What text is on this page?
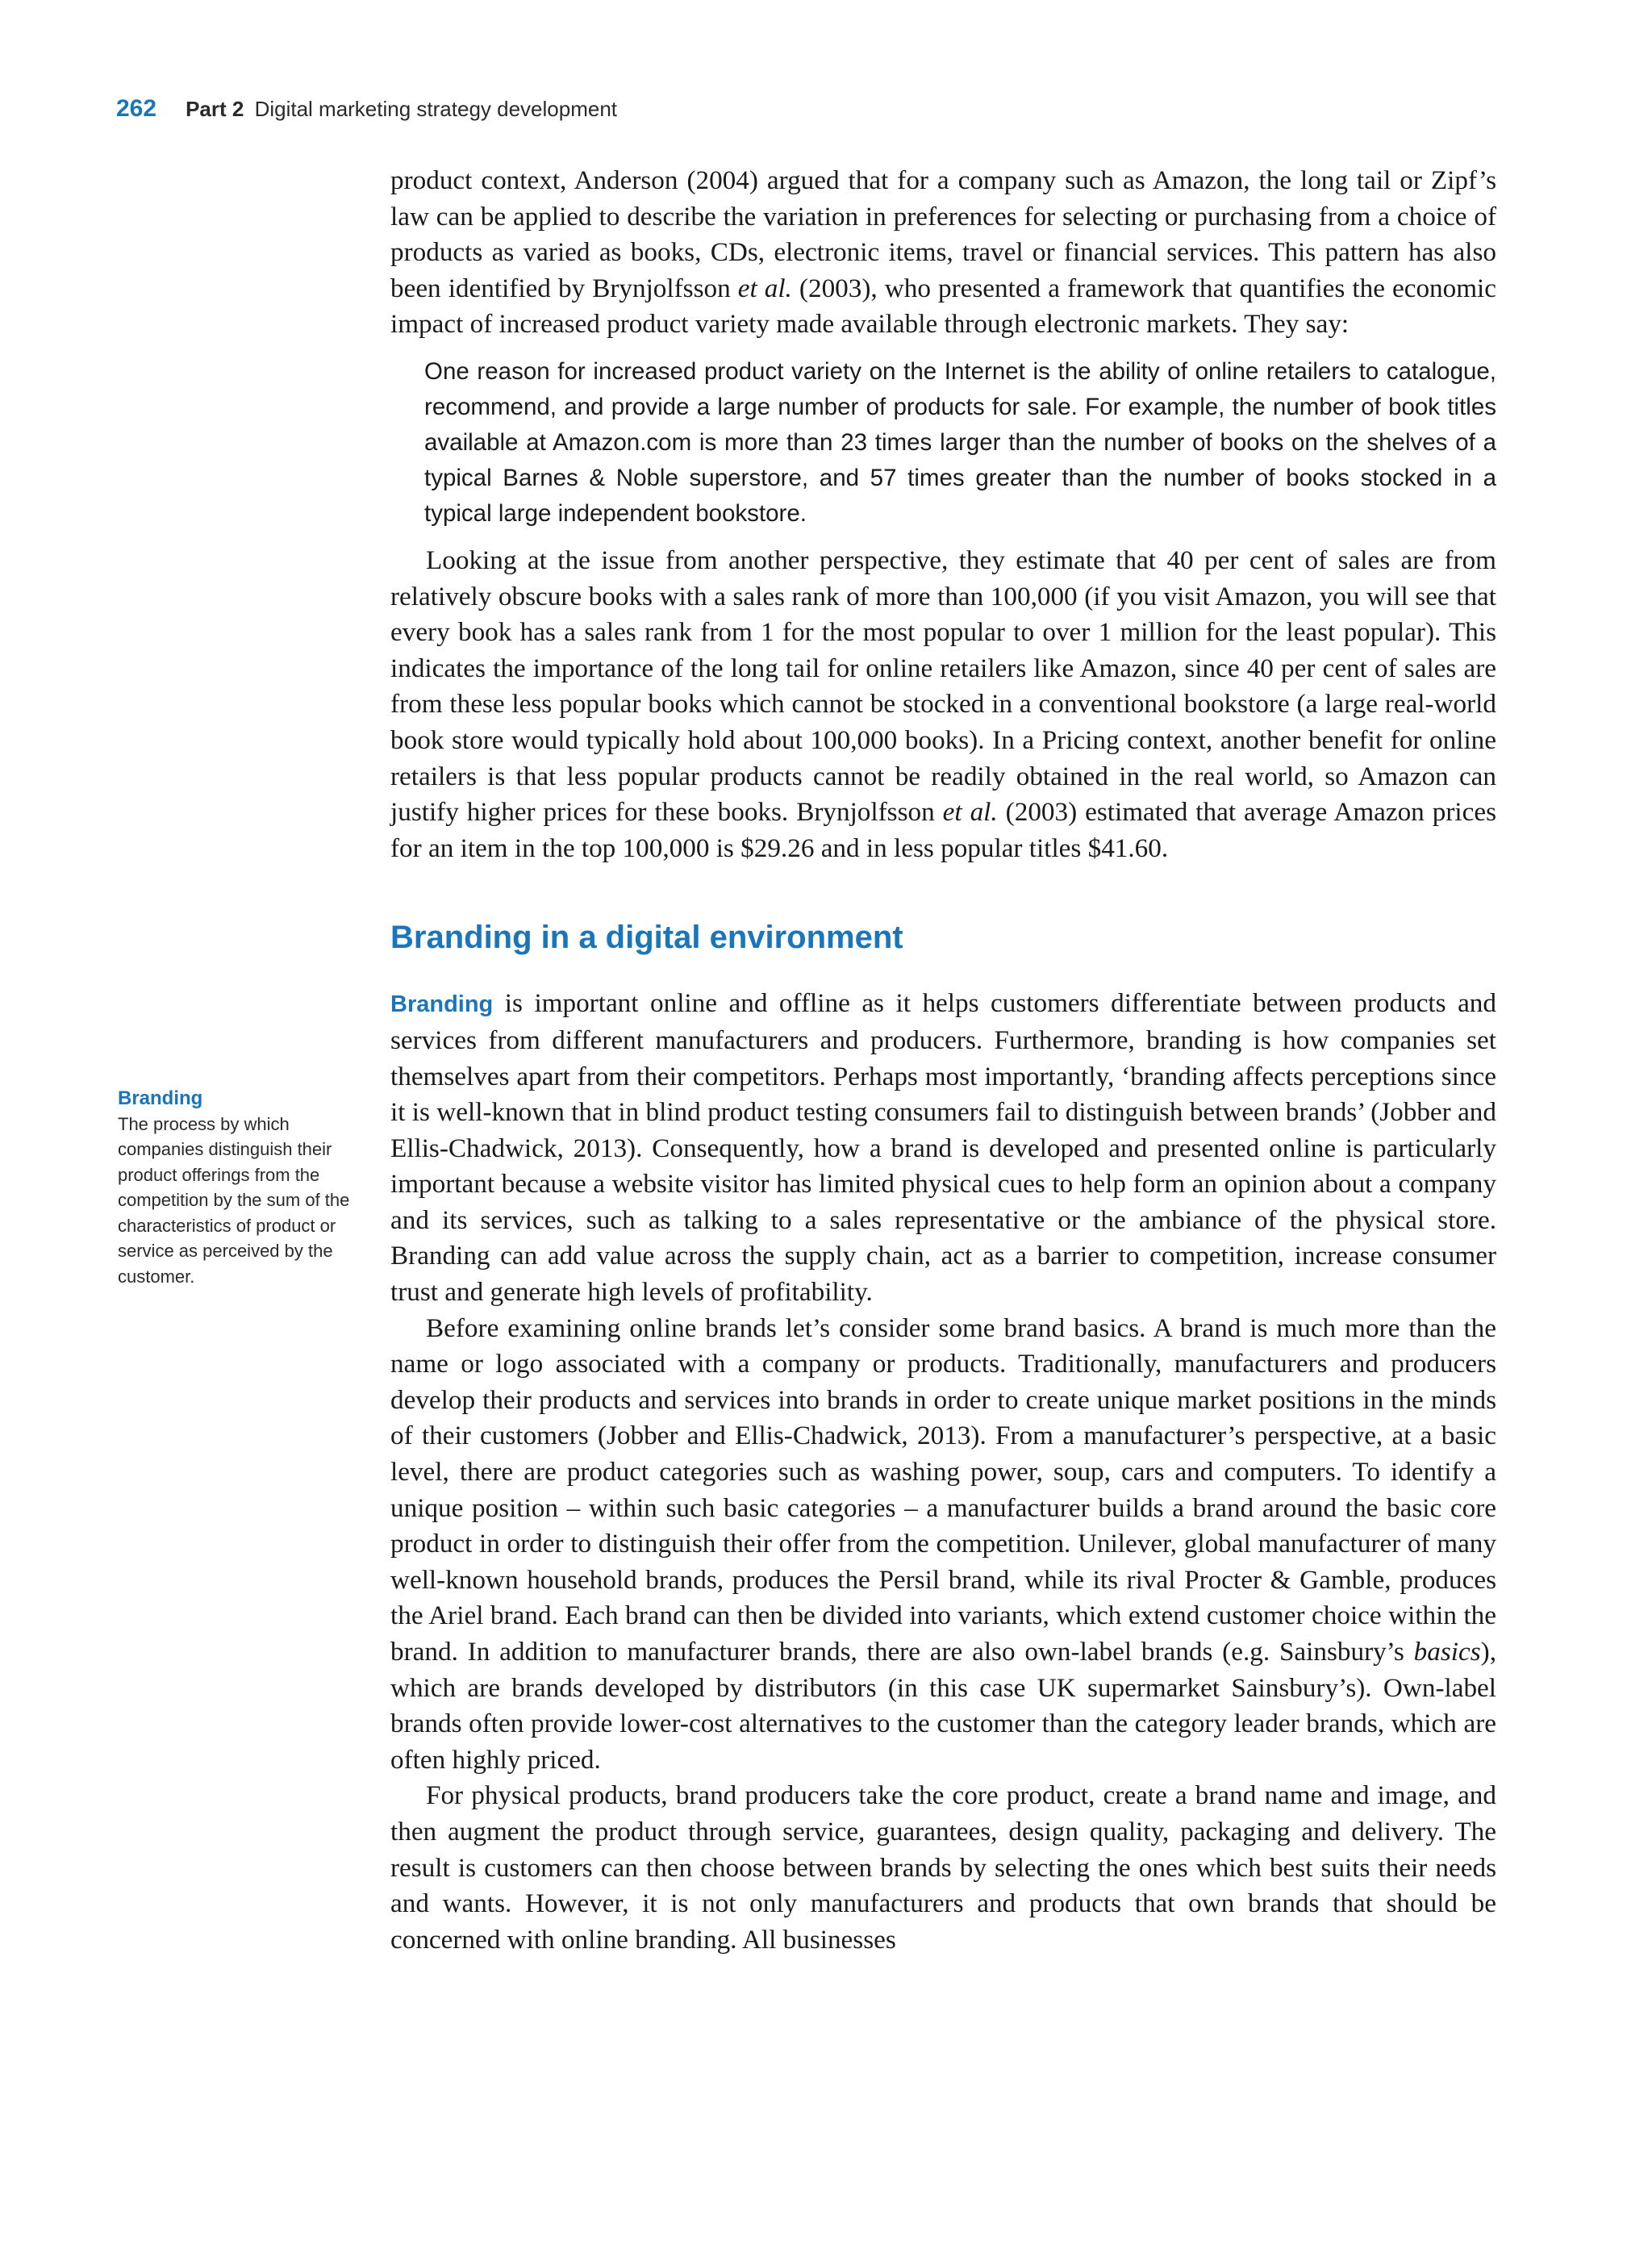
262 Part 2 Digital marketing strategy development

product context, Anderson (2004) argued that for a company such as Amazon, the long tail or Zipf’s law can be applied to describe the variation in preferences for selecting or purchasing from a choice of products as varied as books, CDs, electronic items, travel or financial services. This pattern has also been identified by Brynjolfsson et al. (2003), who presented a framework that quantifies the economic impact of increased product variety made available through electronic markets. They say:

One reason for increased product variety on the Internet is the ability of online retailers to catalogue, recommend, and provide a large number of products for sale. For example, the number of book titles available at Amazon.com is more than 23 times larger than the number of books on the shelves of a typical Barnes & Noble superstore, and 57 times greater than the number of books stocked in a typical large independent bookstore.

Looking at the issue from another perspective, they estimate that 40 per cent of sales are from relatively obscure books with a sales rank of more than 100,000 (if you visit Amazon, you will see that every book has a sales rank from 1 for the most popular to over 1 million for the least popular). This indicates the importance of the long tail for online retailers like Amazon, since 40 per cent of sales are from these less popular books which cannot be stocked in a conventional bookstore (a large real-world book store would typically hold about 100,000 books). In a Pricing context, another benefit for online retailers is that less popular products cannot be readily obtained in the real world, so Amazon can justify higher prices for these books. Brynjolfsson et al. (2003) estimated that average Amazon prices for an item in the top 100,000 is $29.26 and in less popular titles $41.60.

Branding in a digital environment

Branding is important online and offline as it helps customers differentiate between products and services from different manufacturers and producers. Furthermore, branding is how companies set themselves apart from their competitors. Perhaps most importantly, ‘branding affects perceptions since it is well-known that in blind product testing consumers fail to distinguish between brands’ (Jobber and Ellis-Chadwick, 2013). Consequently, how a brand is developed and presented online is particularly important because a website visitor has limited physical cues to help form an opinion about a company and its services, such as talking to a sales representative or the ambiance of the physical store. Branding can add value across the supply chain, act as a barrier to competition, increase consumer trust and generate high levels of profitability.

Before examining online brands let’s consider some brand basics. A brand is much more than the name or logo associated with a company or products. Traditionally, manufacturers and producers develop their products and services into brands in order to create unique market positions in the minds of their customers (Jobber and Ellis-Chadwick, 2013). From a manufacturer’s perspective, at a basic level, there are product categories such as washing power, soup, cars and computers. To identify a unique position – within such basic categories – a manufacturer builds a brand around the basic core product in order to distinguish their offer from the competition. Unilever, global manufacturer of many well-known household brands, produces the Persil brand, while its rival Procter & Gamble, produces the Ariel brand. Each brand can then be divided into variants, which extend customer choice within the brand. In addition to manufacturer brands, there are also own-label brands (e.g. Sainsbury’s basics), which are brands developed by distributors (in this case UK supermarket Sainsbury’s). Own-label brands often provide lower-cost alternatives to the customer than the category leader brands, which are often highly priced.

For physical products, brand producers take the core product, create a brand name and image, and then augment the product through service, guarantees, design quality, packaging and delivery. The result is customers can then choose between brands by selecting the ones which best suits their needs and wants. However, it is not only manufacturers and products that own brands that should be concerned with online branding. All businesses

Branding
The process by which companies distinguish their product offerings from the competition by the sum of the characteristics of product or service as perceived by the customer.
